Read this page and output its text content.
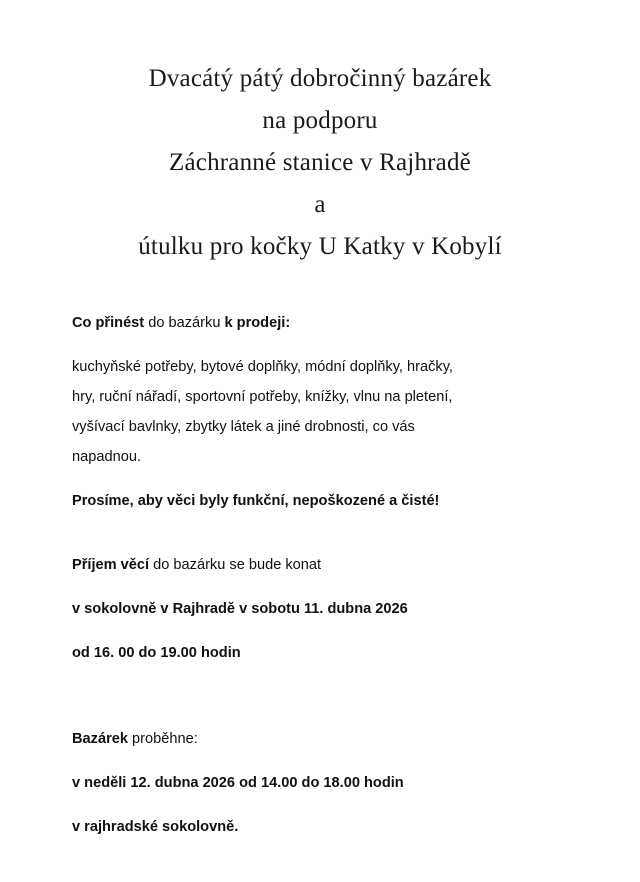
Dvacátý pátý dobročinný bazárek
na podporu
Záchranné stanice v Rajhradě
a
útulku pro kočky U Katky v Kobylí

Co přinést do bazárku k prodeji:

kuchyňské potřeby, bytové doplňky, módní doplňky, hračky,
hry, ruční nářadí, sportovní potřeby, knížky, vlnu na pletení,
vyšívací bavlnky, zbytky látek a jiné drobnosti, co vás
napadnou.

Prosíme, aby věci byly funkční, nepoškozené a čisté!

Příjem věcí do bazárku se bude konat

v sokolovně v Rajhradě v sobotu 11. dubna 2026

od 16. 00 do 19.00 hodin

Bazárek proběhne:

v neděli 12. dubna 2026 od 14.00 do 18.00 hodin

v rajhradské sokolovně.
